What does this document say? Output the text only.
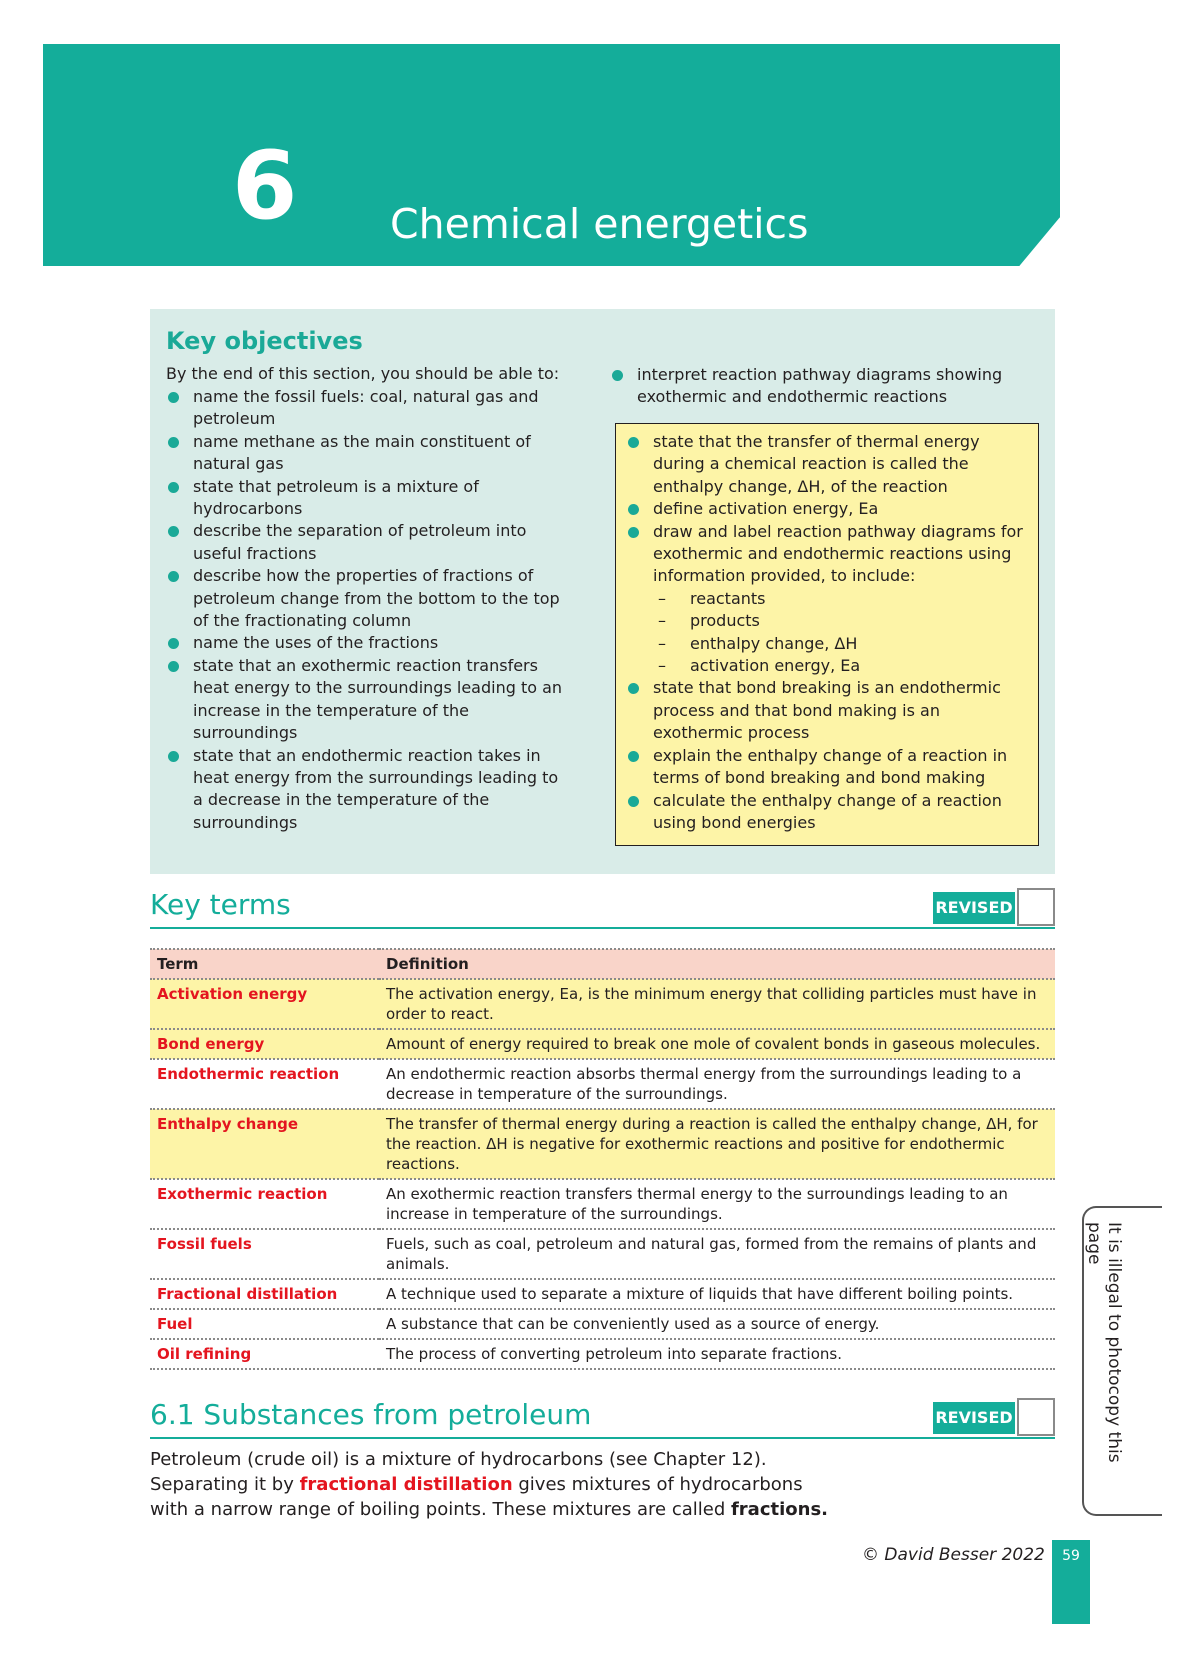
6 Chemical energetics
Key objectives
By the end of this section, you should be able to:
name the fossil fuels: coal, natural gas and petroleum
name methane as the main constituent of natural gas
state that petroleum is a mixture of hydrocarbons
describe the separation of petroleum into useful fractions
describe how the properties of fractions of petroleum change from the bottom to the top of the fractionating column
name the uses of the fractions
state that an exothermic reaction transfers heat energy to the surroundings leading to an increase in the temperature of the surroundings
state that an endothermic reaction takes in heat energy from the surroundings leading to a decrease in the temperature of the surroundings
interpret reaction pathway diagrams showing exothermic and endothermic reactions
state that the transfer of thermal energy during a chemical reaction is called the enthalpy change, ΔH, of the reaction
define activation energy, Ea
draw and label reaction pathway diagrams for exothermic and endothermic reactions using information provided, to include:
– reactants
– products
– enthalpy change, ΔH
– activation energy, Ea
state that bond breaking is an endothermic process and that bond making is an exothermic process
explain the enthalpy change of a reaction in terms of bond breaking and bond making
calculate the enthalpy change of a reaction using bond energies
Key terms	REVISED
Term	Definition
Activation energy	The activation energy, Ea, is the minimum energy that colliding particles must have in order to react.
Bond energy	Amount of energy required to break one mole of covalent bonds in gaseous molecules.
Endothermic reaction	An endothermic reaction absorbs thermal energy from the surroundings leading to a decrease in temperature of the surroundings.
Enthalpy change	The transfer of thermal energy during a reaction is called the enthalpy change, ΔH, for the reaction. ΔH is negative for exothermic reactions and positive for endothermic reactions.
Exothermic reaction	An exothermic reaction transfers thermal energy to the surroundings leading to an increase in temperature of the surroundings.
Fossil fuels	Fuels, such as coal, petroleum and natural gas, formed from the remains of plants and animals.
Fractional distillation	A technique used to separate a mixture of liquids that have different boiling points.
Fuel	A substance that can be conveniently used as a source of energy.
Oil refining	The process of converting petroleum into separate fractions.
6.1 Substances from petroleum	REVISED
Petroleum (crude oil) is a mixture of hydrocarbons (see Chapter 12).
Separating it by fractional distillation gives mixtures of hydrocarbons
with a narrow range of boiling points. These mixtures are called fractions.
It is illegal to photocopy this page
© David Besser 2022	59
